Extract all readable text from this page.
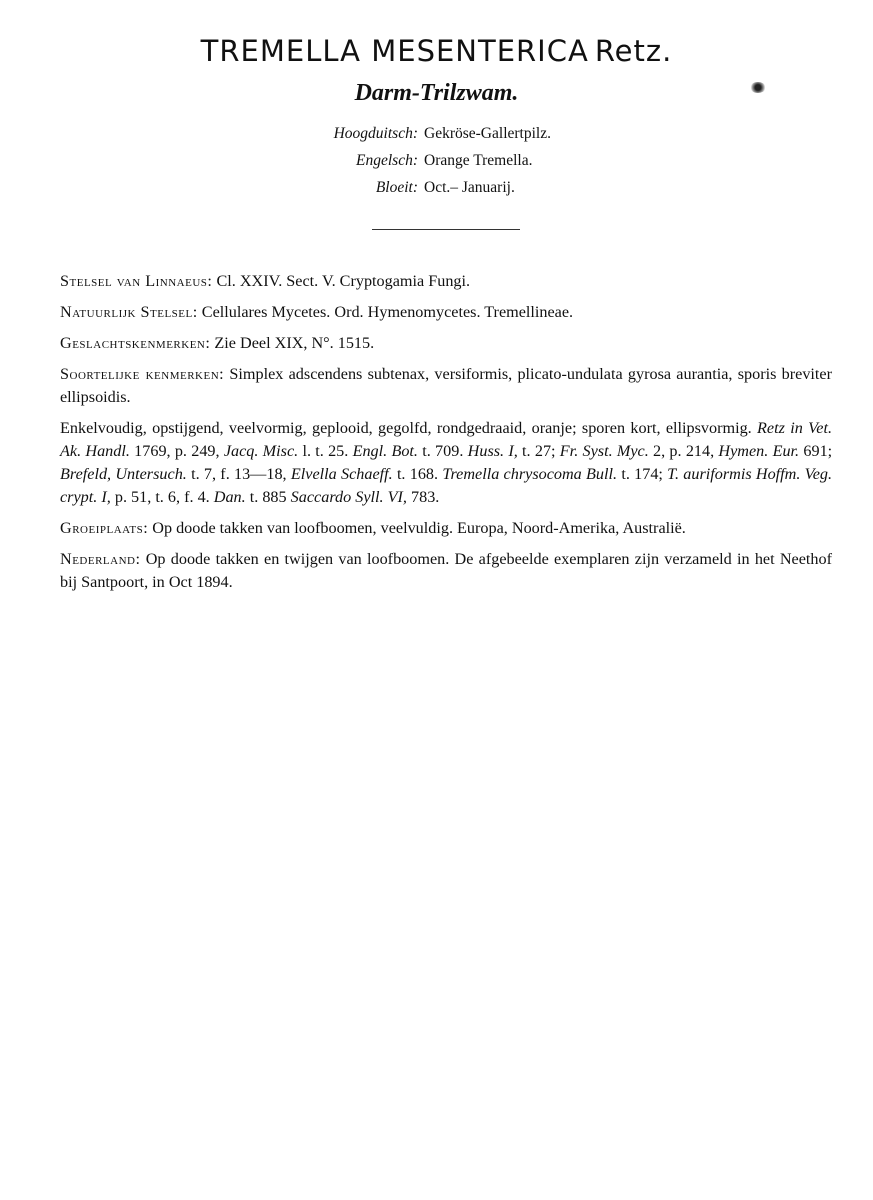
TREMELLA MESENTERICA Retz.
Darm-Trilzwam.
Hoogduitsch: Gekröse-Gallertpilz.
Engelsch: Orange Tremella.
Bloeit: Oct.– Januarij.

Stelsel van Linnaeus: Cl. XXIV. Sect. V. Cryptogamia Fungi.

Natuurlijk Stelsel: Cellulares Mycetes. Ord. Hymenomycetes. Tremellineae.

Geslachtskenmerken: Zie Deel XIX, N°. 1515.

Soortelijke kenmerken: Simplex adscendens subtenax, versiformis, plicato-undulata gyrosa aurantia, sporis breviter ellipsoidis.

Enkelvoudig, opstijgend, veelvormig, geplooid, gegolfd, rondgedraaid, oranje; sporen kort, ellipsvormig. Retz in Vet. Ak. Handl. 1769, p. 249, Jacq. Misc. l. t. 25. Engl. Bot. t. 709. Huss. I, t. 27; Fr. Syst. Myc. 2, p. 214, Hymen. Eur. 691; Brefeld, Untersuch. t. 7, f. 13—18, Elvella Schaeff. t. 168. Tremella chrysocoma Bull. t. 174; T. auriformis Hoffm. Veg. crypt. I, p. 51, t. 6, f. 4. Dan. t. 885 Saccardo Syll. VI, 783.

Groeiplaats: Op doode takken van loofboomen, veelvuldig. Europa, Noord-Amerika, Australië.

Nederland: Op doode takken en twijgen van loofboomen. De afgebeelde exemplaren zijn verzameld in het Neethof bij Santpoort, in Oct 1894.
